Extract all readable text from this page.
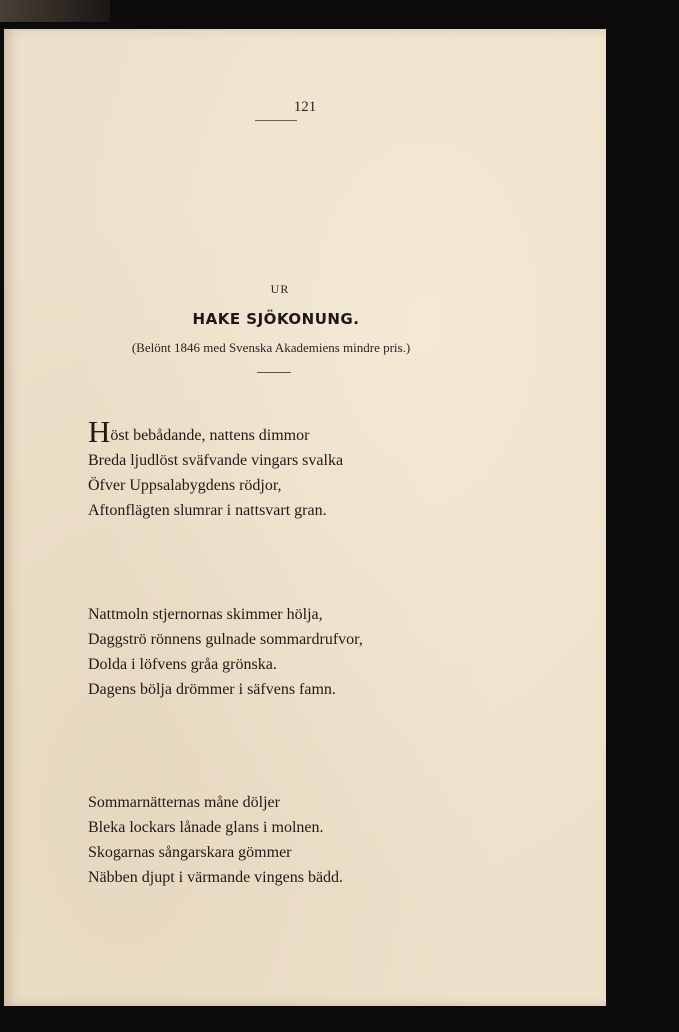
121
UR
HAKE SJÖKONUNG.
(Belönt 1846 med Svenska Akademiens mindre pris.)
Höst bebådande, nattens dimmor
Breda ljudlöst sväfvande vingars svalka
Öfver Uppsalabygdens rödjor,
Aftonflägten slumrar i nattsvart gran.
Nattmoln stjernornas skimmer hölja,
Daggströ rönnens gulnade sommardrufvor,
Dolda i löfvens gråa grönska.
Dagens bölja drömmer i säfvens famn.
Sommarnätternas måne döljer
Bleka lockars lånade glans i molnen.
Skogarnas sångarskara gömmer
Näbben djupt i värmande vingens bädd.
